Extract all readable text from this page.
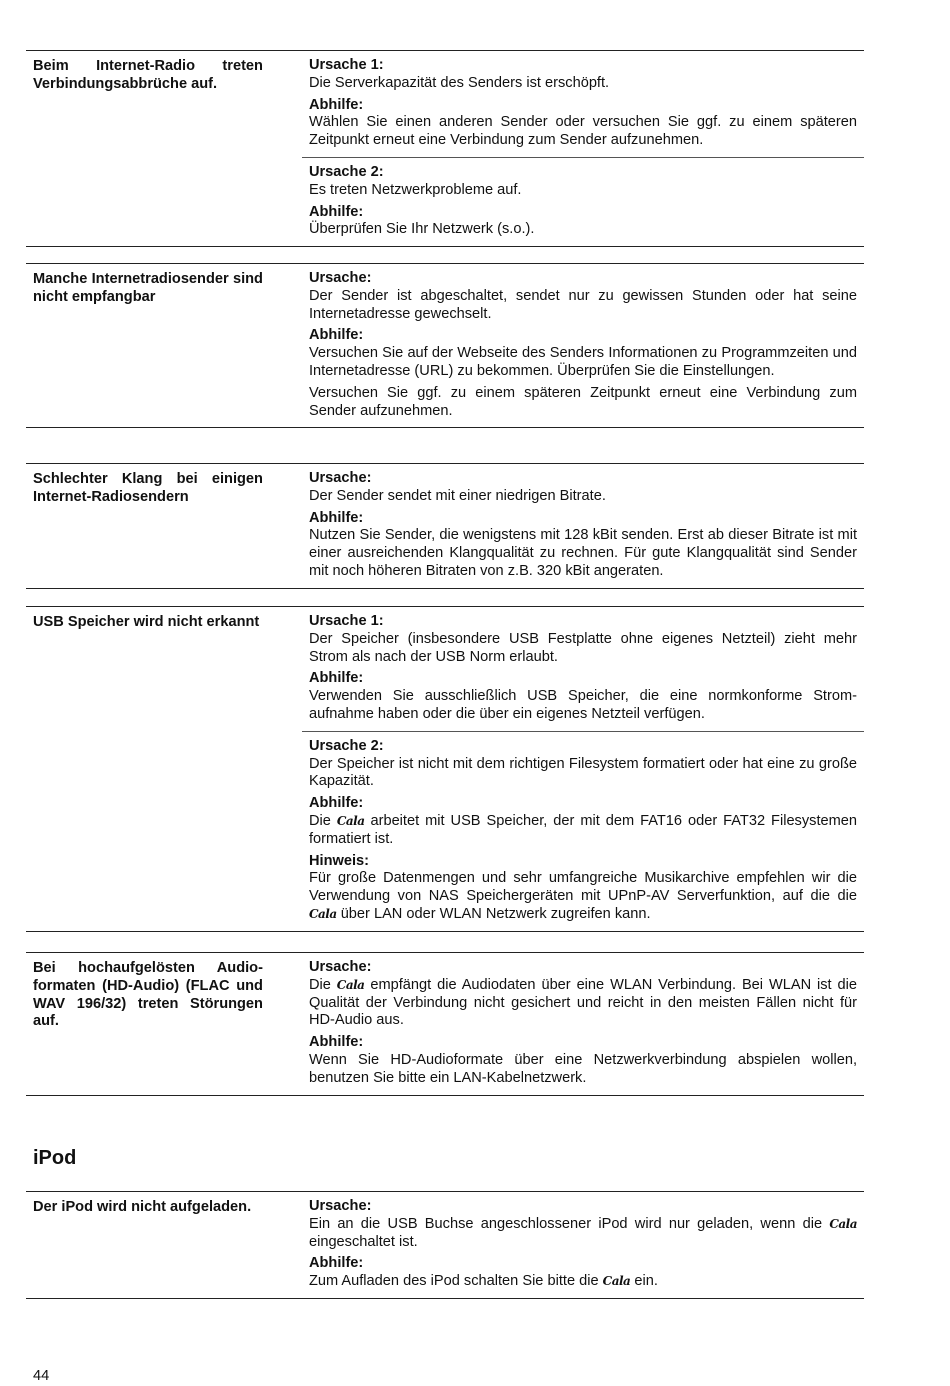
Beim Internet-Radio treten Verbindungsabbrüche auf.
Ursache 1:
Die Serverkapazität des Senders ist erschöpft.
Abhilfe:
Wählen Sie einen anderen Sender oder versuchen Sie ggf. zu einem späteren Zeitpunkt erneut eine Verbindung zum Sender aufzunehmen.
Ursache 2:
Es treten Netzwerkprobleme auf.
Abhilfe:
Überprüfen Sie Ihr Netzwerk (s.o.).
Manche Internetradiosender sind nicht empfangbar
Ursache:
Der Sender ist abgeschaltet, sendet nur zu gewissen Stunden oder hat seine Internetadresse gewechselt.
Abhilfe:
Versuchen Sie auf der Webseite des Senders Informationen zu Programmzeiten und Internetadresse (URL) zu bekommen. Überprüfen Sie die Einstellungen.
Versuchen Sie ggf. zu einem späteren Zeitpunkt erneut eine Verbindung zum Sender aufzunehmen.
Schlechter Klang bei einigen Internet-Radiosendern
Ursache:
Der Sender sendet mit einer niedrigen Bitrate.
Abhilfe:
Nutzen Sie Sender, die wenigstens mit 128 kBit senden. Erst ab dieser Bitrate ist mit einer ausreichenden Klangqualität zu rechnen. Für gute Klangqualität sind Sender mit noch höheren Bitraten von z.B. 320 kBit angeraten.
USB Speicher wird nicht erkannt	Ursache 1:
Der Speicher (insbesondere USB Festplatte ohne eigenes Netzteil) zieht mehr Strom als nach der USB Norm erlaubt.
Abhilfe:
Verwenden Sie ausschließlich USB Speicher, die eine normkonforme Stromaufnahme haben oder die über ein eigenes Netzteil verfügen.
Ursache 2:
Der Speicher ist nicht mit dem richtigen Filesystem formatiert oder hat eine zu große Kapazität.
Abhilfe:
Die Cala arbeitet mit USB Speicher, der mit dem FAT16 oder FAT32 Filesystemen formatiert ist.
Hinweis:
Für große Datenmengen und sehr umfangreiche Musikarchive empfehlen wir die Verwendung von NAS Speichergeräten mit UPnP-AV Serverfunktion, auf die die Cala über LAN oder WLAN Netzwerk zugreifen kann.
Bei hochaufgelösten Audioformaten (HD-Audio) (FLAC und WAV 196/32) treten Störungen auf.
Ursache:
Die Cala empfängt die Audiodaten über eine WLAN Verbindung. Bei WLAN ist die Qualität der Verbindung nicht gesichert und reicht in den meisten Fällen nicht für HD-Audio aus.
Abhilfe:
Wenn Sie HD-Audioformate über eine Netzwerkverbindung abspielen wollen, benutzen Sie bitte ein LAN-Kabelnetzwerk.
iPod
Der iPod wird nicht aufgeladen.	Ursache:
Ein an die USB Buchse angeschlossener iPod wird nur geladen, wenn die Cala eingeschaltet ist.
Abhilfe:
Zum Aufladen des iPod schalten Sie bitte die Cala ein.
44
